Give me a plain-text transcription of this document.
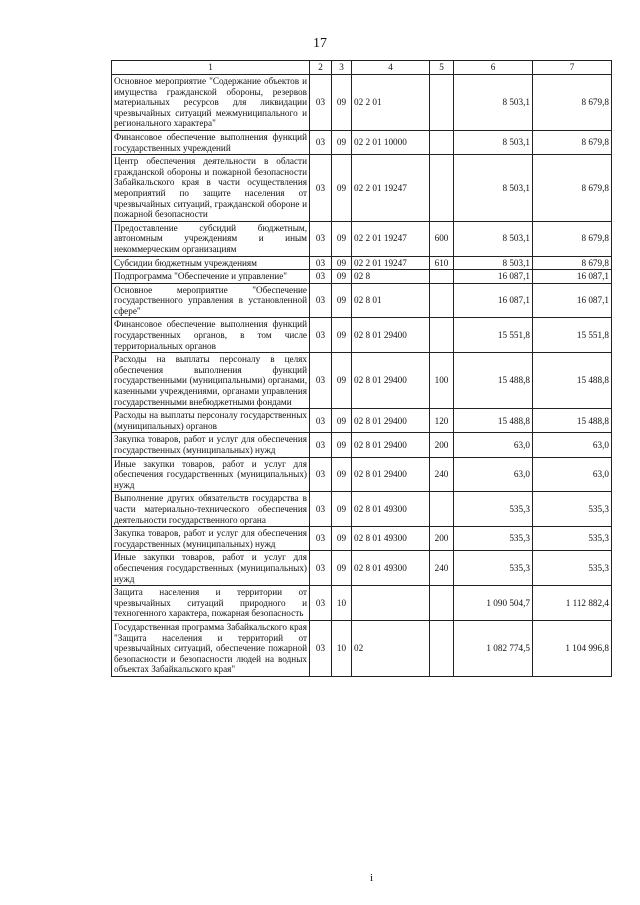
17
1	2	3	4	5	6	7
Основное мероприятие "Содержание объектов и имущества гражданской обороны, резервов материальных ресурсов для ликвидации чрезвычайных ситуаций межмуниципального и регионального характера"	03	09	02 2 01		8 503,1	8 679,8
Финансовое обеспечение выполнения функций государственных учреждений	03	09	02 2 01 10000		8 503,1	8 679,8
Центр обеспечения деятельности в области гражданской обороны и пожарной безопасности Забайкальского края в части осуществления мероприятий по защите населения от чрезвычайных ситуаций, гражданской обороне и пожарной безопасности	03	09	02 2 01 19247		8 503,1	8 679,8
Предоставление субсидий бюджетным, автономным учреждениям и иным некоммерческим организациям	03	09	02 2 01 19247	600	8 503,1	8 679,8
Субсидии бюджетным учреждениям	03	09	02 2 01 19247	610	8 503,1	8 679,8
Подпрограмма "Обеспечение и управление"	03	09	02 8		16 087,1	16 087,1
Основное мероприятие "Обеспечение государственного управления в установленной сфере"	03	09	02 8 01		16 087,1	16 087,1
Финансовое обеспечение выполнения функций государственных органов, в том числе территориальных органов	03	09	02 8 01 29400		15 551,8	15 551,8
Расходы на выплаты персоналу в целях обеспечения выполнения функций государственными (муниципальными) органами, казенными учреждениями, органами управления государственными внебюджетными фондами	03	09	02 8 01 29400	100	15 488,8	15 488,8
Расходы на выплаты персоналу государственных (муниципальных) органов	03	09	02 8 01 29400	120	15 488,8	15 488,8
Закупка товаров, работ и услуг для обеспечения государственных (муниципальных) нужд	03	09	02 8 01 29400	200	63,0	63,0
Иные закупки товаров, работ и услуг для обеспечения государственных (муниципальных) нужд	03	09	02 8 01 29400	240	63,0	63,0
Выполнение других обязательств государства в части материально-технического обеспечения деятельности государственного органа	03	09	02 8 01 49300		535,3	535,3
Закупка товаров, работ и услуг для обеспечения государственных (муниципальных) нужд	03	09	02 8 01 49300	200	535,3	535,3
Иные закупки товаров, работ и услуг для обеспечения государственных (муниципальных) нужд	03	09	02 8 01 49300	240	535,3	535,3
Защита населения и территории от чрезвычайных ситуаций природного и техногенного характера, пожарная безопасность	03	10			1 090 504,7	1 112 882,4
Государственная программа Забайкальского края "Защита населения и территорий от чрезвычайных ситуаций, обеспечение пожарной безопасности и безопасности людей на водных объектах Забайкальского края"	03	10	02		1 082 774,5	1 104 996,8
i
